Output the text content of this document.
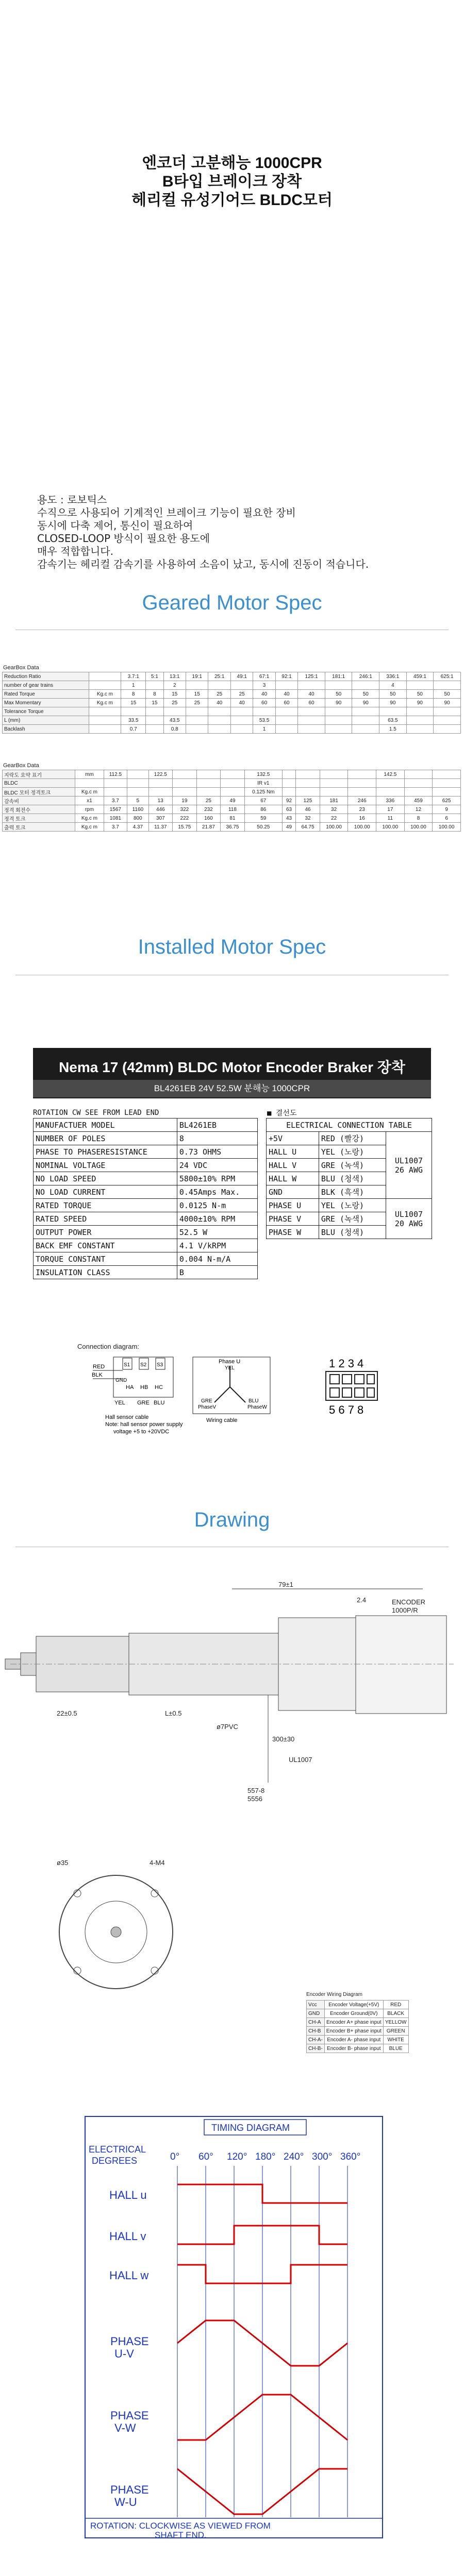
엔코더 고분해능 1000CPR
B타입 브레이크 장착
헤리컬 유성기어드 BLDC모터
용도 : 로보틱스
수직으로 사용되어 기계적인 브레이크 기능이 필요한 장비
동시에 다축 제어, 통신이 필요하여
CLOSED-LOOP 방식이 필요한 용도에
매우 적합합니다.
감속기는 헤리컬 감속기를 사용하여 소음이 났고, 동시에 진동이 적습니다.
Geared Motor Spec
GearBox Data
Reduction Ratio		3.7:1	5:1	13:1	19:1	25:1	49:1	67:1	92:1	125:1	181:1	246:1	336:1	459:1	625:1
number of gear trains		1		2				3					4		
Rated Torque	Kg.c m	8	8	15	15	25	25	40	40	40	50	50	50	50	50
Max Momentary	Kg.c m	15	15	25	25	40	40	60	60	60	90	90	90	90	90
Tolerance Torque															
L (mm)		33.5		43.5				53.5					63.5		
Backlash		0.7		0.8				1					1.5		
GearBox Data
지락도 요약 표기	mm	112.5		122.5				132.5					142.5		
BLDC								IR v1							
BLDC 모터 정격토크	Kg.c m							0.125 Nm							
감속비	x1	3.7	5	13	19	25	49	67	92	125	181	246	336	459	625
정격 회전수	rpm	1567	1160	446	322	232	118	86	63	46	32	23	17	12	9
정격 토크	Kg.c m	1081	800	307	222	160	81	59	43	32	22	16	11	8	6
출력 토크	Kg.c m	3.7	4.37	11.37	15.75	21.87	36.75	50.25	49	64.75	100.00	100.00	100.00	100.00	100.00
Installed Motor Spec
Nema 17 (42mm) BLDC Motor Encoder Braker 장착
BL4261EB 24V 52.5W 분해능 1000CPR
ROTATION CW SEE FROM LEAD END
MANUFACTUER MODEL	BL4261EB
NUMBER OF POLES	8
PHASE TO PHASERESISTANCE	0.73 OHMS
NOMINAL VOLTAGE	24 VDC
NO LOAD SPEED	5800±10% RPM
NO LOAD CURRENT	0.45Amps Max.
RATED TORQUE	0.0125 N-m
RATED SPEED	4000±10% RPM
OUTPUT POWER	52.5 W
BACK EMF CONSTANT	4.1 V/kRPM
TORQUE CONSTANT	0.004 N-m/A
INSULATION CLASS	B
■ 결선도
ELECTRICAL CONNECTION TABLE		
+5V	RED (빨강)	UL1007
26 AWG
HALL U	YEL (노랑)	
HALL V	GRE (녹색)	
HALL W	BLU (청색)	
GND	BLK (흑색)	
PHASE U	YEL (노랑)	UL1007
20 AWG
PHASE V	GRE (녹색)	
PHASE W	BLU (청색)	
Connection diagram:
S1 S2 S3
RED
BLK
HA HB HC
GND
YEL GRE BLU
Hall sensor cable
Note: hall sensor power supply
voltage +5 to +20VDC
Phase U
YEL
GRE
PhaseV
BLU
PhaseW
Wiring cable
1 2 3 4
5 6 7 8
Drawing
79±1
2.4	ENCODER
1000P/R
22±0.5	L±0.5
ø7PVC
300±30
557-8
5556
UL1007
ø35	4-M4
Encoder Wiring Diagram
Vcc	Encoder Voltage(+5V)	RED
GND	Encoder Ground(0V)	BLACK
CH-A	Encoder A+ phase input	YELLOW
CH-B	Encoder B+ phase input	GREEN
CH-A-	Encoder A- phase input	WHITE
CH-B-	Encoder B- phase input	BLUE
TIMING DIAGRAM
ELECTRICAL
DEGREES	0° 60° 120° 180° 240° 300° 360°
HALL u
HALL v
HALL w
PHASE
U-V
PHASE
V-W
PHASE
W-U
ROTATION: CLOCKWISE AS VIEWED FROM
SHAFT END.
